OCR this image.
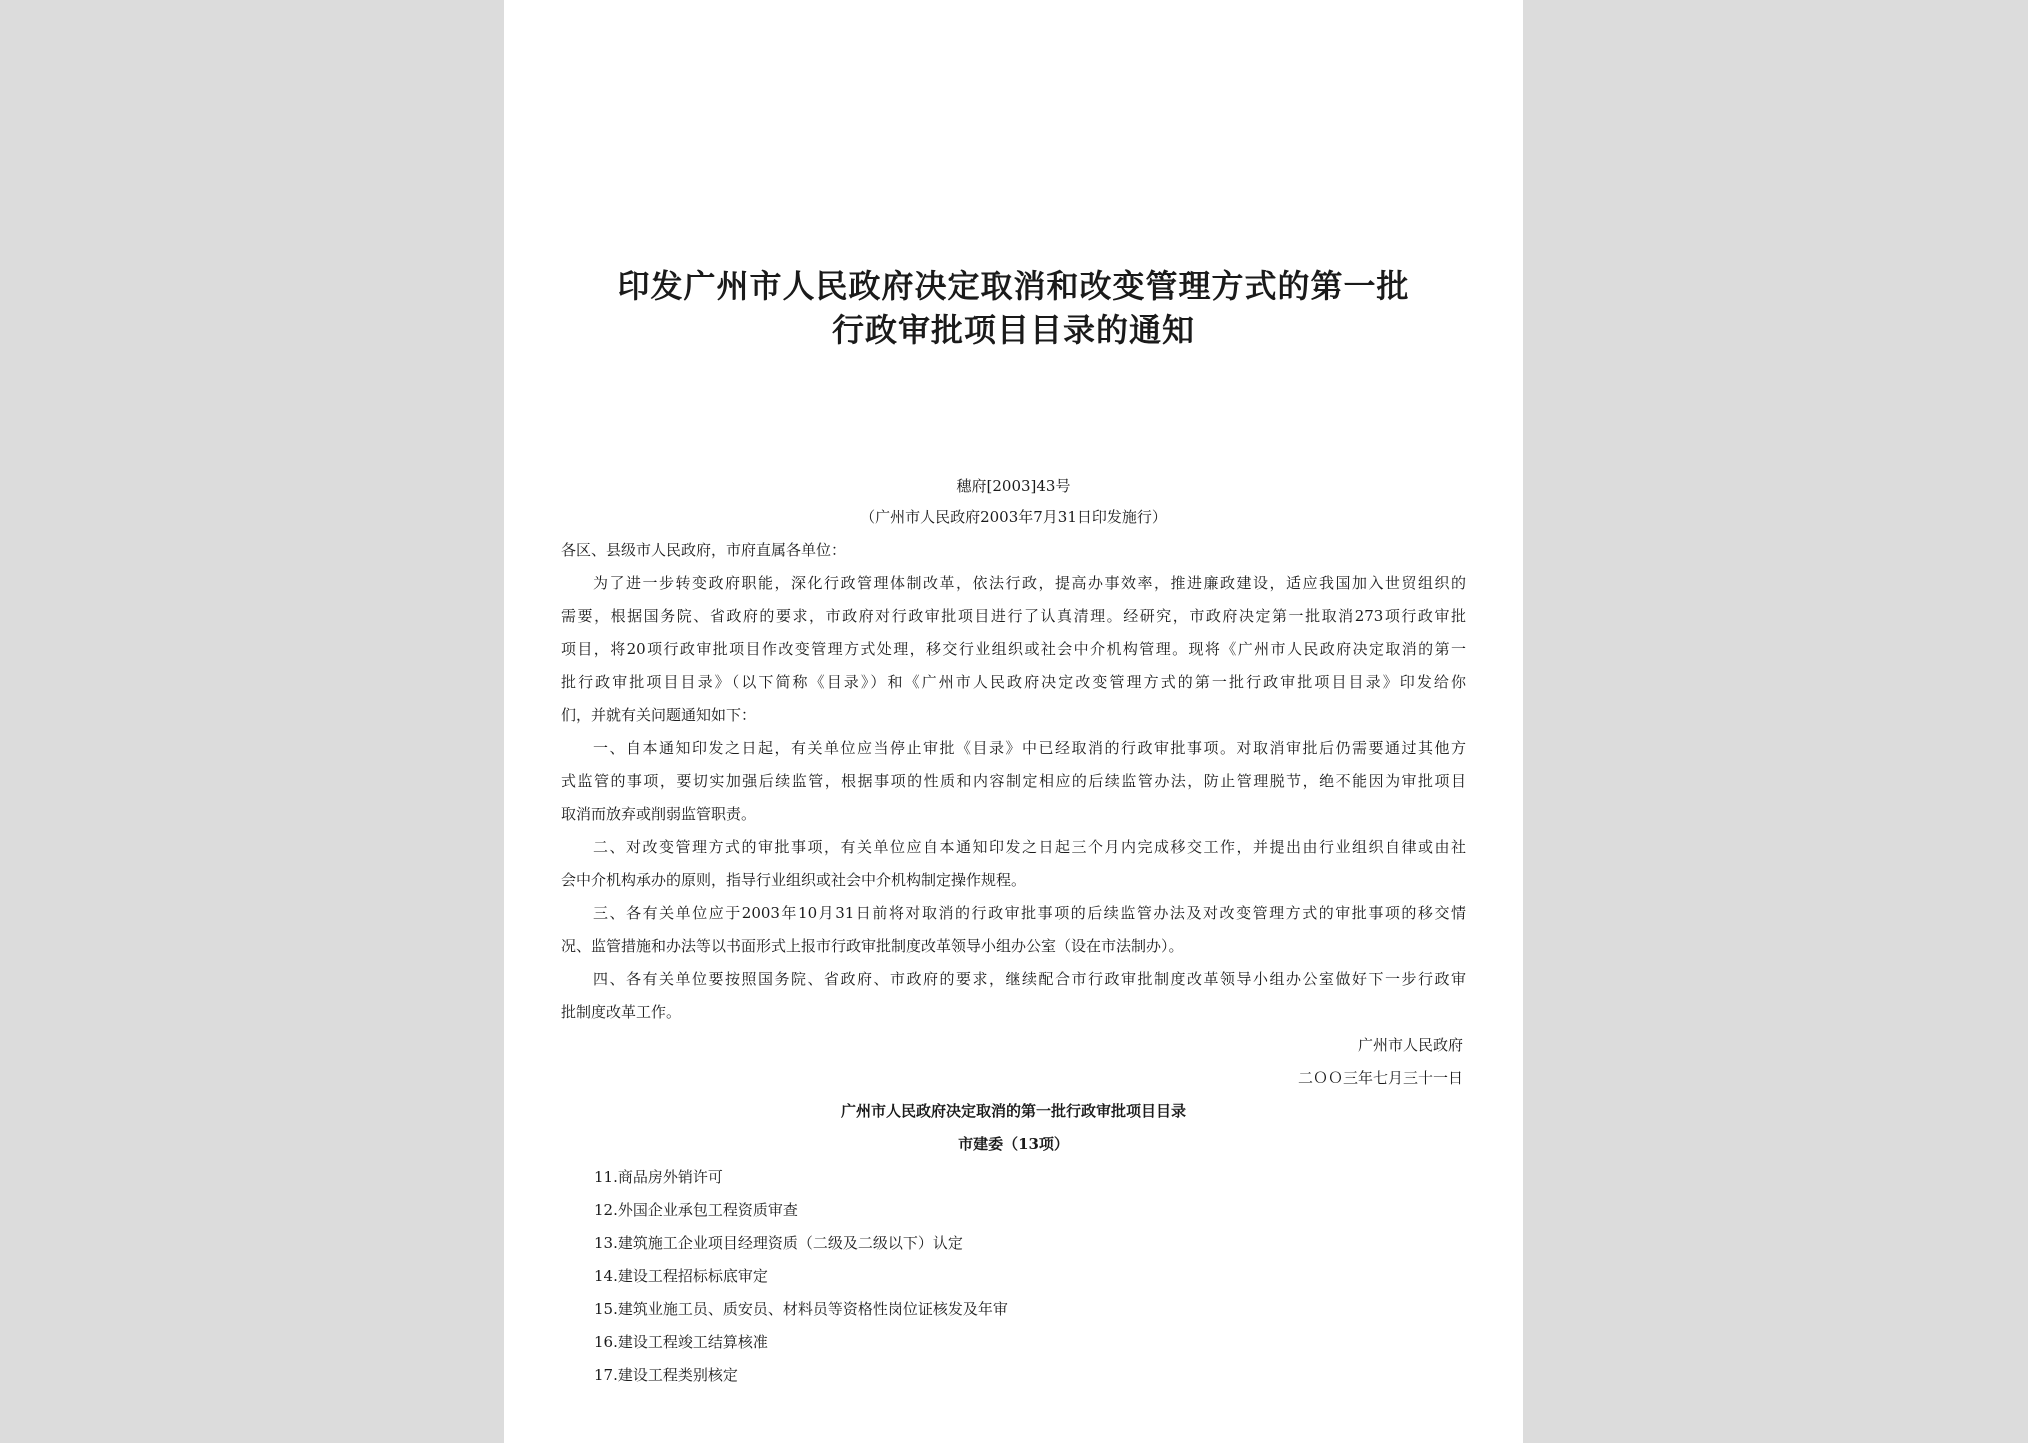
印发广州市人民政府决定取消和改变管理方式的第一批
行政审批项目目录的通知
穗府[2003]43号
（广州市人民政府2003年7月31日印发施行）
各区、县级市人民政府，市府直属各单位：
为了进一步转变政府职能，深化行政管理体制改革，依法行政，提高办事效率，推进廉政建设，适应我国加入世贸组织的
需要，根据国务院、省政府的要求，市政府对行政审批项目进行了认真清理。经研究，市政府决定第一批取消273项行政审批
项目，将20项行政审批项目作改变管理方式处理，移交行业组织或社会中介机构管理。现将《广州市人民政府决定取消的第一
批行政审批项目目录》（以下简称《目录》）和《广州市人民政府决定改变管理方式的第一批行政审批项目目录》印发给你
们，并就有关问题通知如下：
一、自本通知印发之日起，有关单位应当停止审批《目录》中已经取消的行政审批事项。对取消审批后仍需要通过其他方
式监管的事项，要切实加强后续监管，根据事项的性质和内容制定相应的后续监管办法，防止管理脱节，绝不能因为审批项目
取消而放弃或削弱监管职责。
二、对改变管理方式的审批事项，有关单位应自本通知印发之日起三个月内完成移交工作，并提出由行业组织自律或由社
会中介机构承办的原则，指导行业组织或社会中介机构制定操作规程。
三、各有关单位应于2003年10月31日前将对取消的行政审批事项的后续监管办法及对改变管理方式的审批事项的移交情
况、监管措施和办法等以书面形式上报市行政审批制度改革领导小组办公室（设在市法制办）。
四、各有关单位要按照国务院、省政府、市政府的要求，继续配合市行政审批制度改革领导小组办公室做好下一步行政审
批制度改革工作。
广州市人民政府
二ＯＯ三年七月三十一日
广州市人民政府决定取消的第一批行政审批项目目录
市建委（13项）
11.商品房外销许可
12.外国企业承包工程资质审查
13.建筑施工企业项目经理资质（二级及二级以下）认定
14.建设工程招标标底审定
15.建筑业施工员、质安员、材料员等资格性岗位证核发及年审
16.建设工程竣工结算核准
17.建设工程类别核定
